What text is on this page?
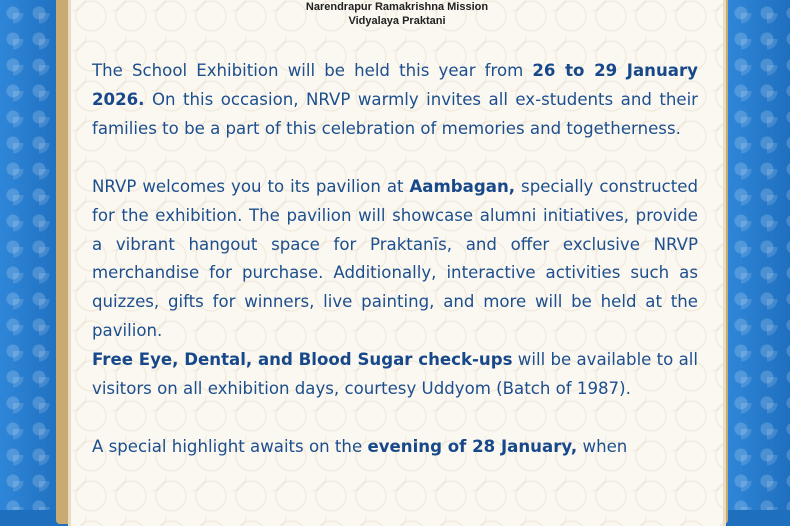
Narendrapur Ramakrishna Mission
Vidyalaya Praktani

The School Exhibition will be held this year from 26 to 29 January 2026. On this occasion, NRVP warmly invites all ex-students and their families to be a part of this celebration of memories and togetherness.

NRVP welcomes you to its pavilion at Aambagan, specially constructed for the exhibition. The pavilion will showcase alumni initiatives, provide a vibrant hangout space for Praktanīs, and offer exclusive NRVP merchandise for purchase. Additionally, interactive activities such as quizzes, gifts for winners, live painting, and more will be held at the pavilion.

Free Eye, Dental, and Blood Sugar check-ups will be available to all visitors on all exhibition days, courtesy Uddyom (Batch of 1987).

A special highlight awaits on the evening of 28 January, when
